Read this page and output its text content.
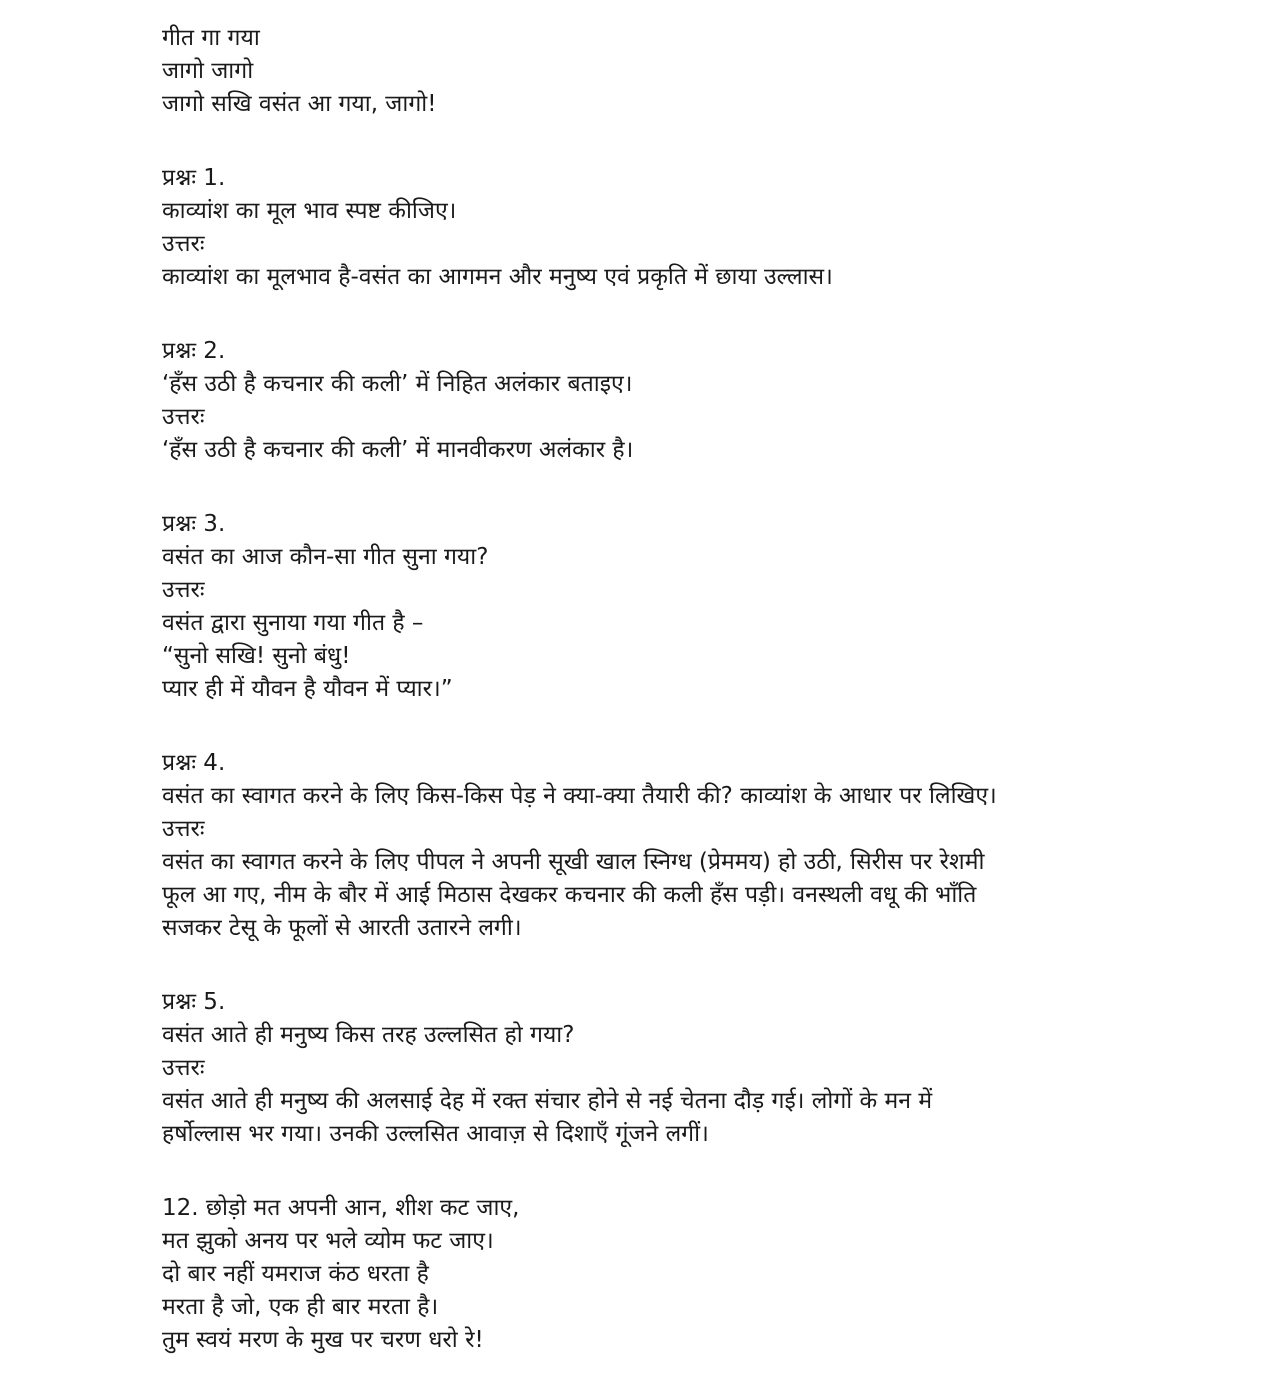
गीत गा गया
जागो जागो
जागो सखि वसंत आ गया, जागो!
प्रश्नः 1.
काव्यांश का मूल भाव स्पष्ट कीजिए।
उत्तरः
काव्यांश का मूलभाव है-वसंत का आगमन और मनुष्य एवं प्रकृति में छाया उल्लास।
प्रश्नः 2.
‘हँस उठी है कचनार की कली’ में निहित अलंकार बताइए।
उत्तरः
‘हँस उठी है कचनार की कली’ में मानवीकरण अलंकार है।
प्रश्नः 3.
वसंत का आज कौन-सा गीत सुना गया?
उत्तरः
वसंत द्वारा सुनाया गया गीत है –
“सुनो सखि! सुनो बंधु!
प्यार ही में यौवन है यौवन में प्यार।”
प्रश्नः 4.
वसंत का स्वागत करने के लिए किस-किस पेड़ ने क्या-क्या तैयारी की? काव्यांश के आधार पर लिखिए।
उत्तरः
वसंत का स्वागत करने के लिए पीपल ने अपनी सूखी खाल स्निग्ध (प्रेममय) हो उठी, सिरीस पर रेशमी
फूल आ गए, नीम के बौर में आई मिठास देखकर कचनार की कली हँस पड़ी। वनस्थली वधू की भाँति
सजकर टेसू के फूलों से आरती उतारने लगी।
प्रश्नः 5.
वसंत आते ही मनुष्य किस तरह उल्लसित हो गया?
उत्तरः
वसंत आते ही मनुष्य की अलसाई देह में रक्त संचार होने से नई चेतना दौड़ गई। लोगों के मन में
हर्षोल्लास भर गया। उनकी उल्लसित आवाज़ से दिशाएँ गूंजने लगीं।
12. छोड़ो मत अपनी आन, शीश कट जाए,
मत झुको अनय पर भले व्योम फट जाए।
दो बार नहीं यमराज कंठ धरता है
मरता है जो, एक ही बार मरता है।
तुम स्वयं मरण के मुख पर चरण धरो रे!
